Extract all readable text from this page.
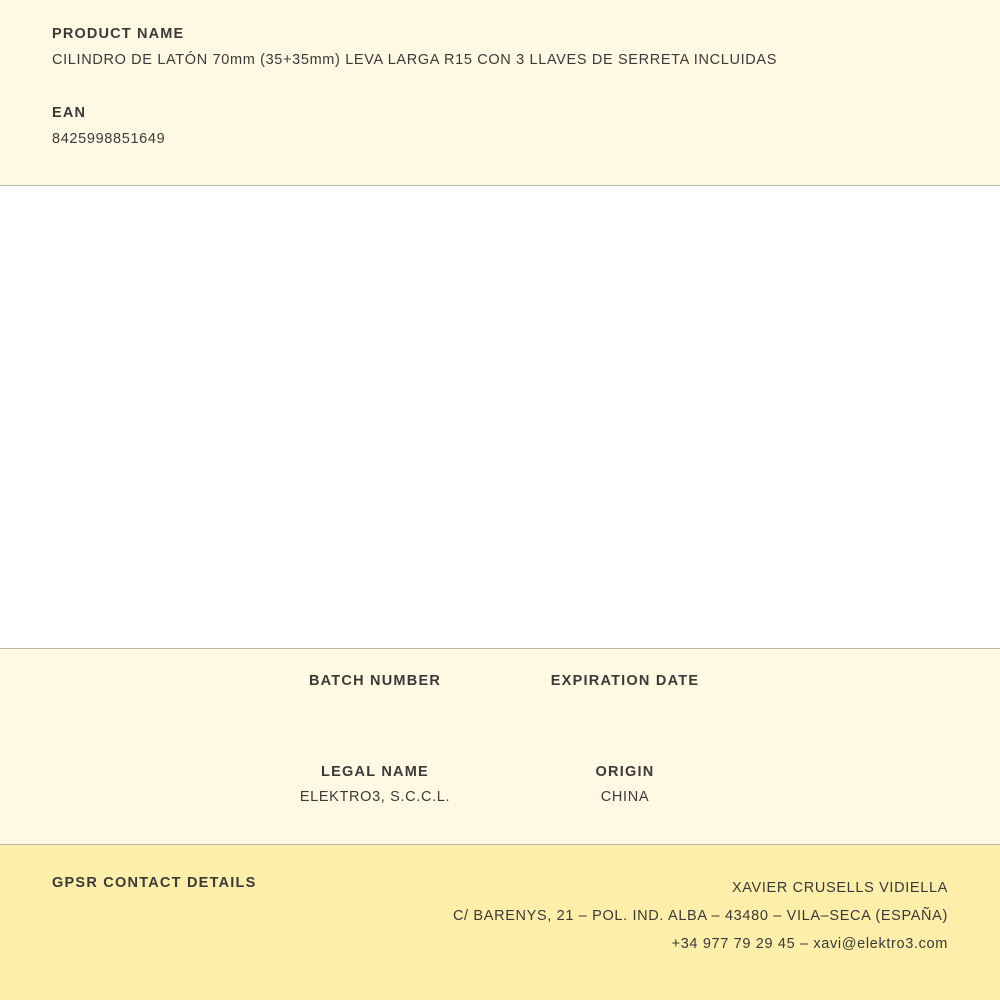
PRODUCT NAME

CILINDRO DE LATÓN 70mm (35+35mm) LEVA LARGA R15 CON 3 LLAVES DE SERRETA INCLUIDAS

EAN

8425998851649

BATCH NUMBER	EXPIRATION DATE

LEGAL NAME

ELEKTRO3, S.C.C.L.

ORIGIN

CHINA

GPSR CONTACT DETAILS	XAVIER CRUSELLS VIDIELLA
C/ BARENYS, 21 – POL. IND. ALBA – 43480 – VILA–SECA (ESPAÑA)
+34 977 79 29 45 – xavi@elektro3.com
